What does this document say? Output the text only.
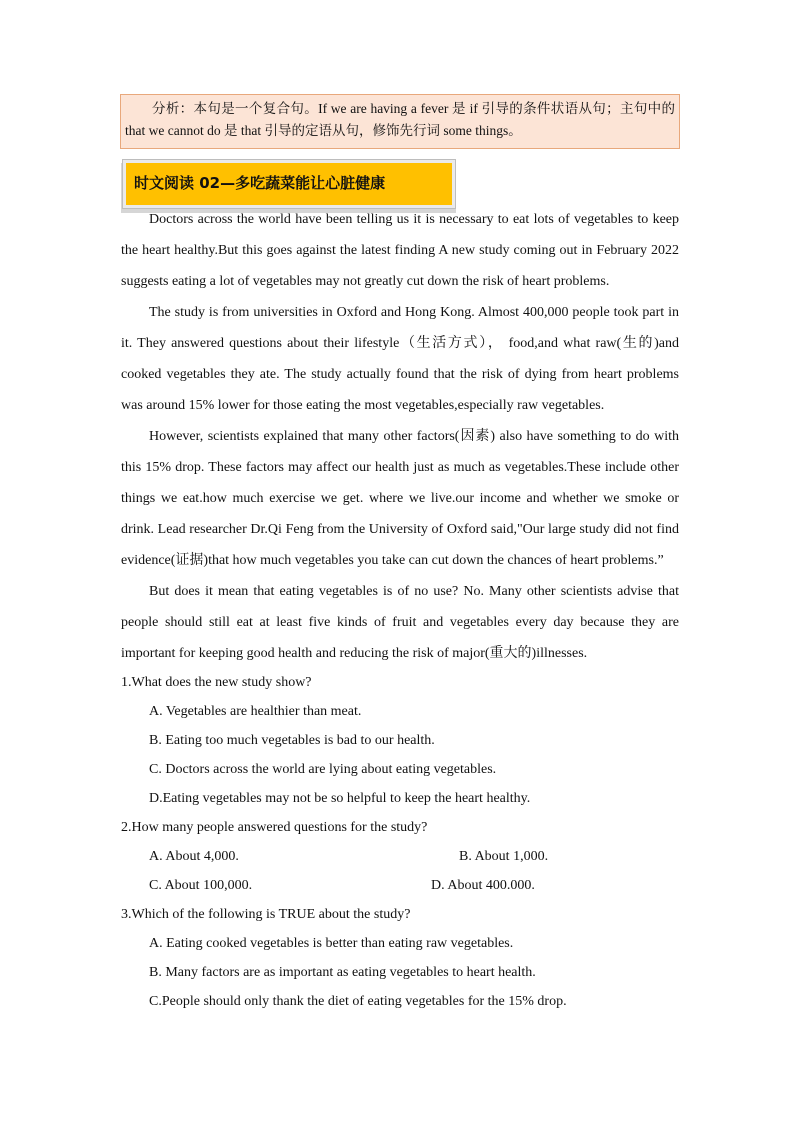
分析：本句是一个复合句。If we are having a fever 是 if 引导的条件状语从句；主句中的 that we cannot do 是 that 引导的定语从句，修饰先行词 some things。

时文阅读 02—多吃蔬菜能让心脏健康

Doctors across the world have been telling us it is necessary to eat lots of vegetables to keep the heart healthy.But this goes against the latest finding A new study coming out in February 2022 suggests eating a lot of vegetables may not greatly cut down the risk of heart problems.

The study is from universities in Oxford and Hong Kong. Almost 400,000 people took part in it. They answered questions about their lifestyle（生活方式）， food,and what raw(生的)and cooked vegetables they ate. The study actually found that the risk of dying from heart problems was around 15% lower for those eating the most vegetables,especially raw vegetables.

However, scientists explained that many other factors(因素) also have something to do with this 15% drop. These factors may affect our health just as much as vegetables.These include other things we eat.how much exercise we get. where we live.our income and whether we smoke or drink. Lead researcher Dr.Qi Feng from the University of Oxford said,"Our large study did not find evidence(证据)that how much vegetables you take can cut down the chances of heart problems.”

But does it mean that eating vegetables is of no use? No. Many other scientists advise that people should still eat at least five kinds of fruit and vegetables every day because they are important for keeping good health and reducing the risk of major(重大的)illnesses.

1.What does the new study show?

A. Vegetables are healthier than meat.

B. Eating too much vegetables is bad to our health.

C. Doctors across the world are lying about eating vegetables.

D.Eating vegetables may not be so helpful to keep the heart healthy.

2.How many people answered questions for the study?

A. About 4,000.	B. About 1,000.
C. About 100,000.	D. About 400.000.

3.Which of the following is TRUE about the study?

A. Eating cooked vegetables is better than eating raw vegetables.

B. Many factors are as important as eating vegetables to heart health.

C.People should only thank the diet of eating vegetables for the 15% drop.
